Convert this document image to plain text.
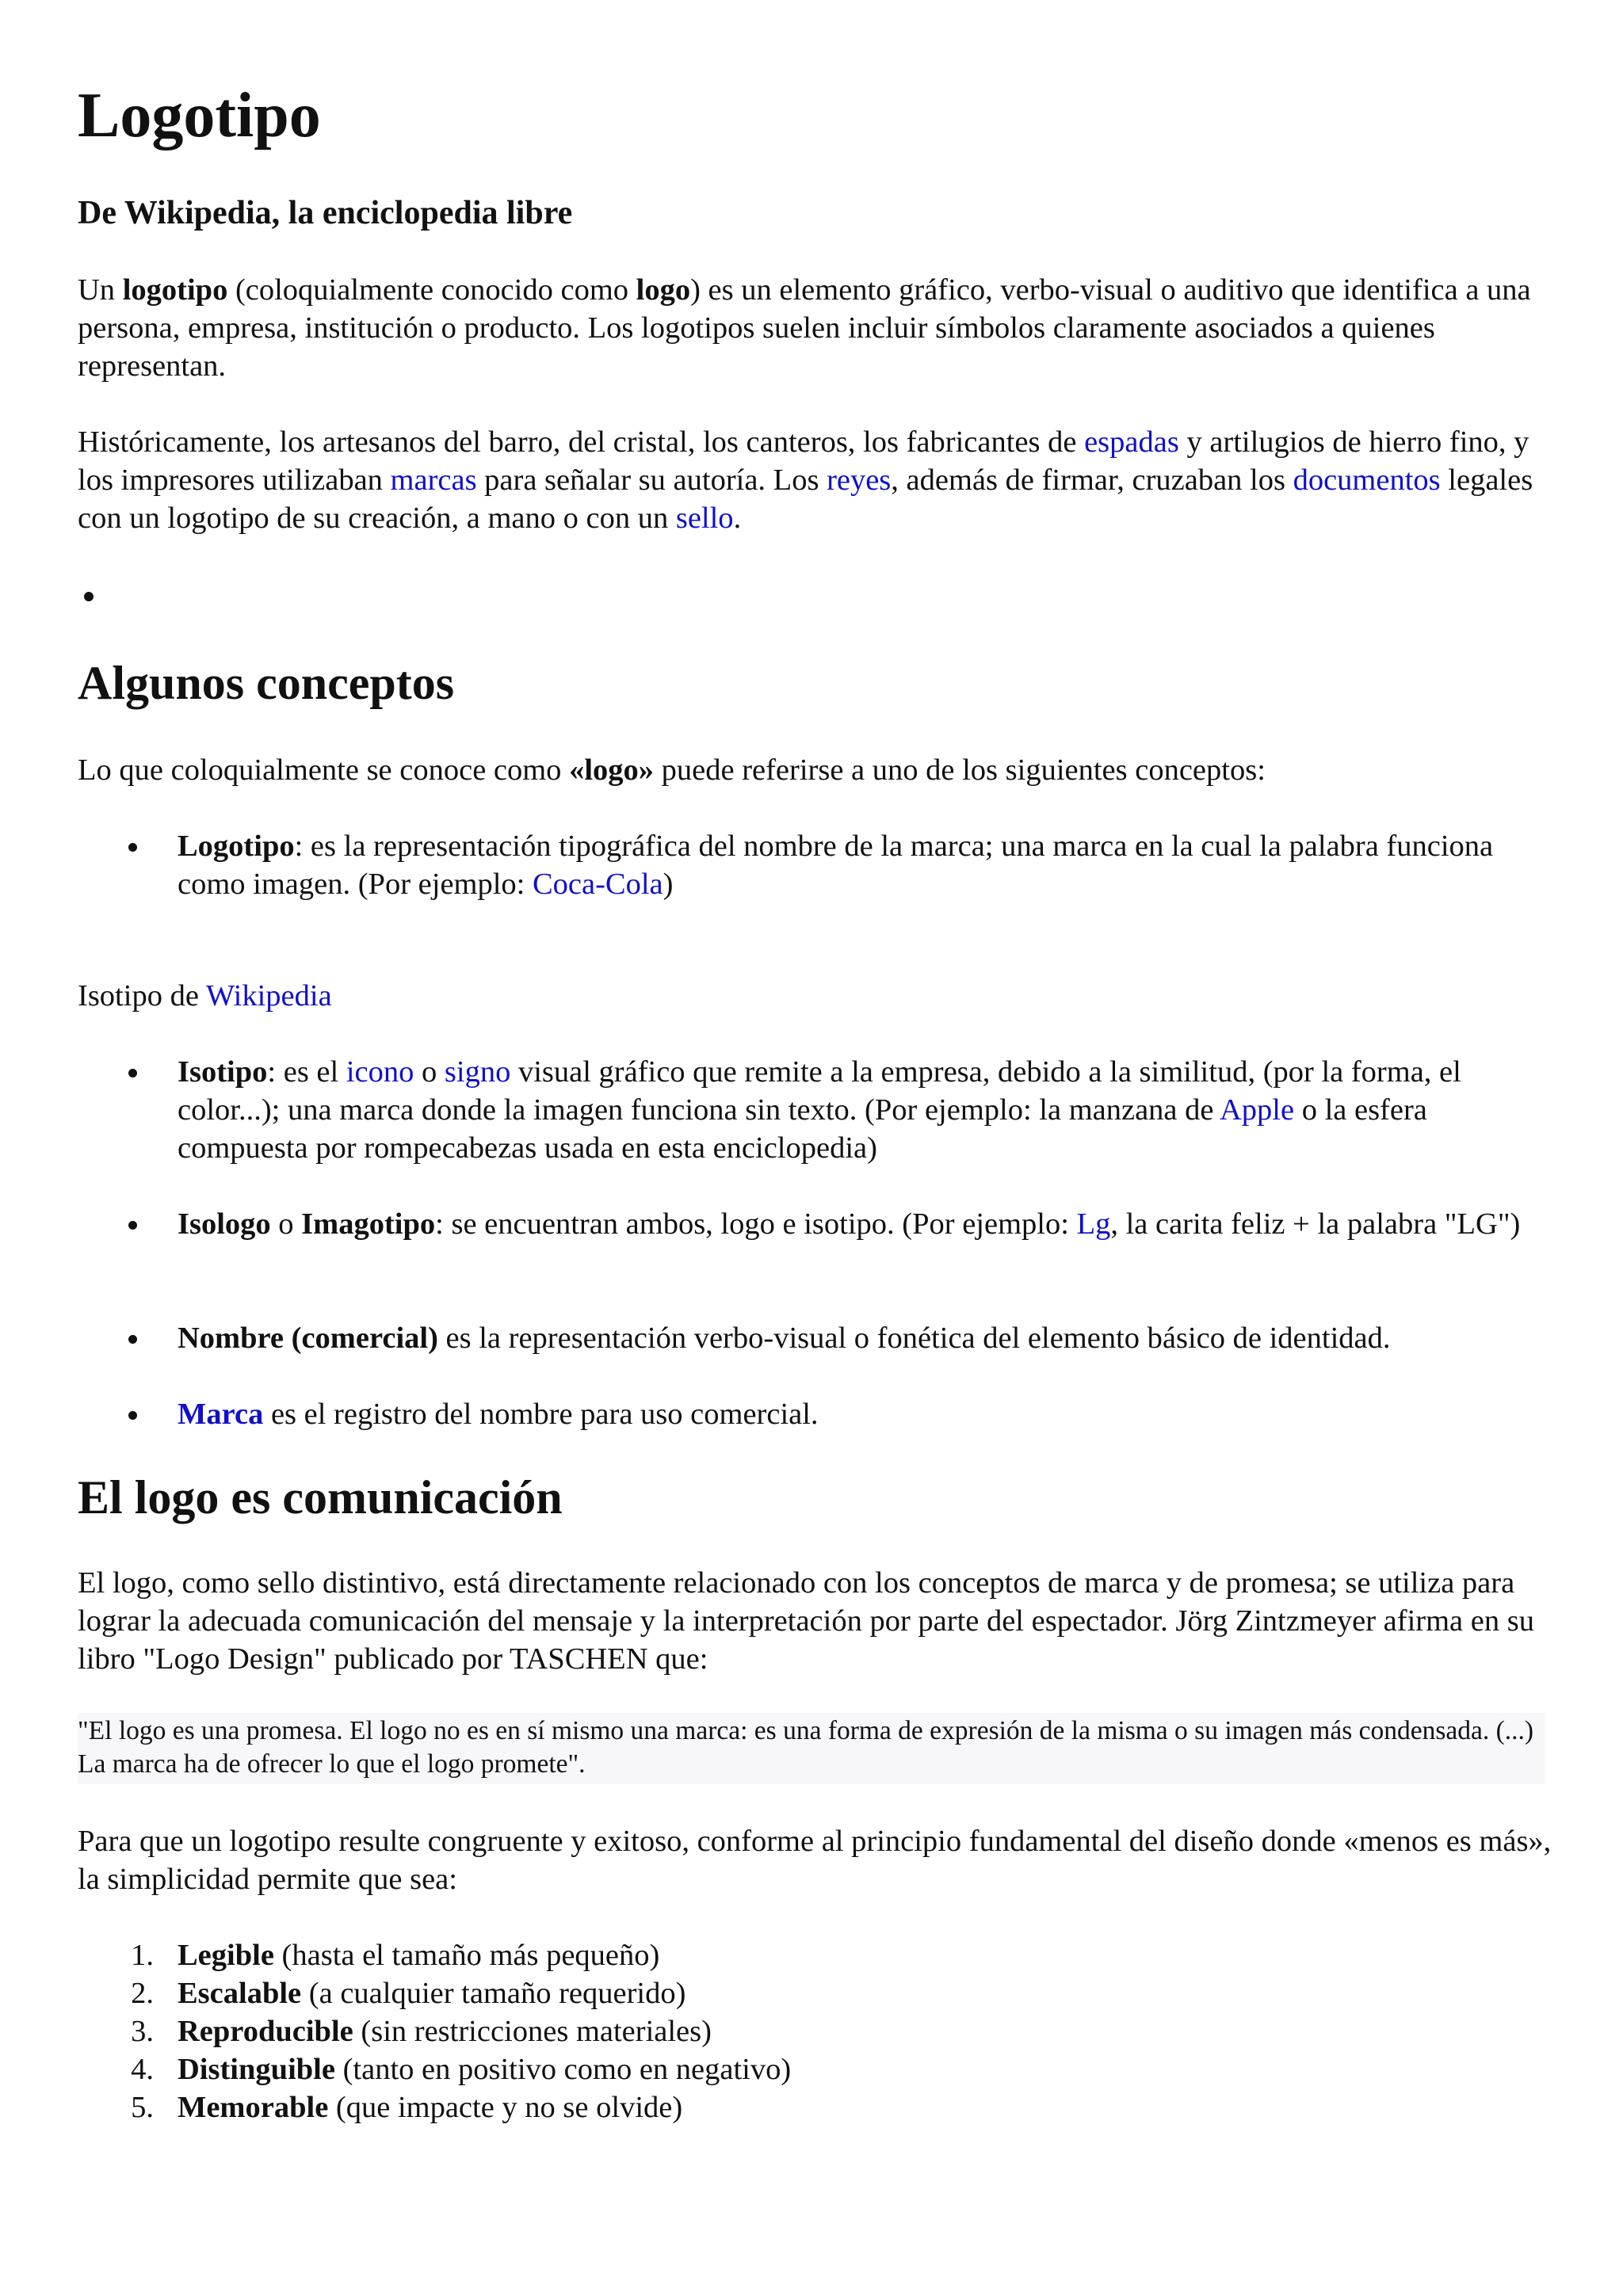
Logotipo
De Wikipedia, la enciclopedia libre

Un logotipo (coloquialmente conocido como logo) es un elemento gráfico, verbo-visual o auditivo que identifica a una persona, empresa, institución o producto. Los logotipos suelen incluir símbolos claramente asociados a quienes representan.

Históricamente, los artesanos del barro, del cristal, los canteros, los fabricantes de espadas y artilugios de hierro fino, y los impresores utilizaban marcas para señalar su autoría. Los reyes, además de firmar, cruzaban los documentos legales con un logotipo de su creación, a mano o con un sello.

Algunos conceptos

Lo que coloquialmente se conoce como «logo» puede referirse a uno de los siguientes conceptos:

Logotipo: es la representación tipográfica del nombre de la marca; una marca en la cual la palabra funciona como imagen. (Por ejemplo: Coca-Cola)

Isotipo de Wikipedia

Isotipo: es el icono o signo visual gráfico que remite a la empresa, debido a la similitud, (por la forma, el color...); una marca donde la imagen funciona sin texto. (Por ejemplo: la manzana de Apple o la esfera compuesta por rompecabezas usada en esta enciclopedia)
Isologo o Imagotipo: se encuentran ambos, logo e isotipo. (Por ejemplo: Lg, la carita feliz + la palabra "LG")
Nombre (comercial) es la representación verbo-visual o fonética del elemento básico de identidad.
Marca es el registro del nombre para uso comercial.
El logo es comunicación

El logo, como sello distintivo, está directamente relacionado con los conceptos de marca y de promesa; se utiliza para lograr la adecuada comunicación del mensaje y la interpretación por parte del espectador. Jörg Zintzmeyer afirma en su libro "Logo Design" publicado por TASCHEN que:

"El logo es una promesa. El logo no es en sí mismo una marca: es una forma de expresión de la misma o su imagen más condensada. (...) La marca ha de ofrecer lo que el logo promete".

Para que un logotipo resulte congruente y exitoso, conforme al principio fundamental del diseño donde «menos es más», la simplicidad permite que sea:

1. Legible (hasta el tamaño más pequeño)
2. Escalable (a cualquier tamaño requerido)
3. Reproducible (sin restricciones materiales)
4. Distinguible (tanto en positivo como en negativo)
5. Memorable (que impacte y no se olvide)
